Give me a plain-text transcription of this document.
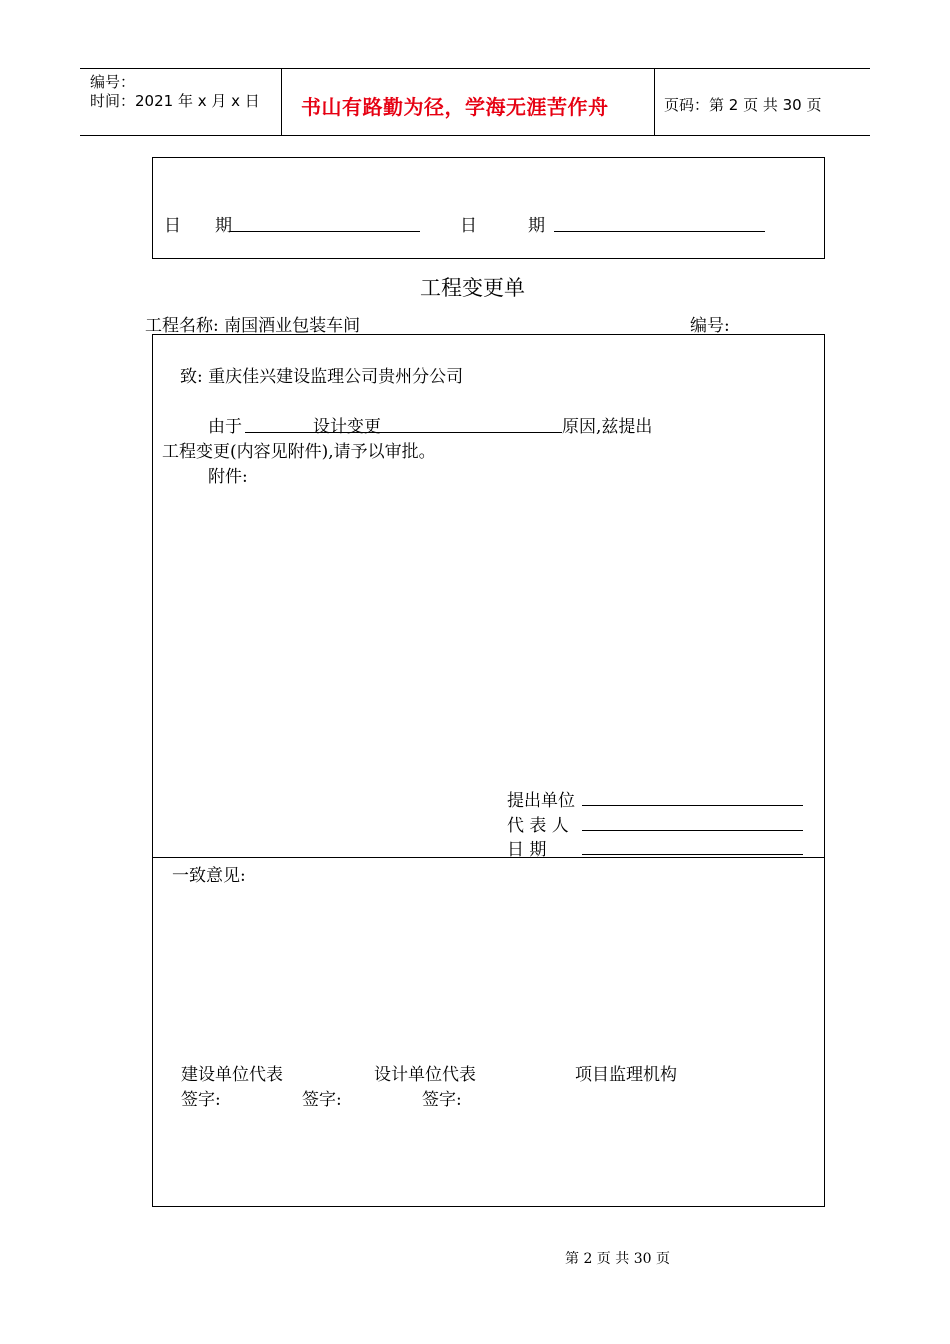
编号：
时间：2021 年 x 月 x 日 书山有路勤为径，学海无涯苦作舟	页码：第 2 页 共 30 页
日　　期	日　　　期
工程变更单
工程名称: 南国酒业包装车间	编号:
致: 重庆佳兴建设监理公司贵州分公司
由于	设计变更	原因,兹提出
工程变更(内容见附件),请予以审批。
附件:
提出单位
代 表 人
日 期
一致意见:
建设单位代表	设计单位代表	项目监理机构
签字:	签字:	签字:
第 2 页 共 30 页
